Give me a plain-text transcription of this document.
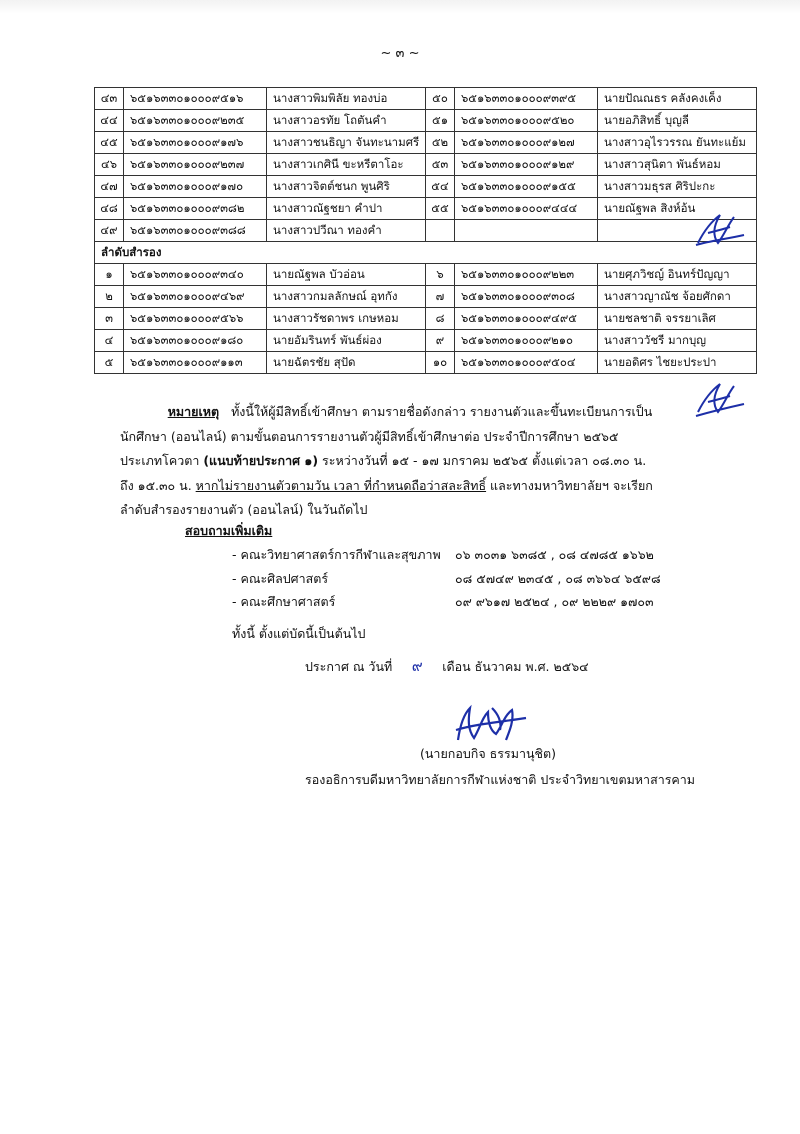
~ ๓ ~
๔๓	๖๕๑๖๓๓๐๑๐๐๐๙๕๑๖	นางสาวพิมพิลัย ทองบ่อ	๕๐	๖๕๑๖๓๓๐๑๐๐๐๙๓๙๕	นายปัณณธร คลังคงเค็ง
๔๔	๖๕๑๖๓๓๐๑๐๐๐๙๒๓๕	นางสาวอรทัย โถตันคำ	๕๑	๖๕๑๖๓๓๐๑๐๐๐๙๕๒๐	นายอภิสิทธิ์ บุญลี
๔๕	๖๕๑๖๓๓๐๑๐๐๐๙๑๗๖	นางสาวชนธิญา จันทะนามศรี	๕๒	๖๕๑๖๓๓๐๑๐๐๐๙๑๒๗	นางสาวอุไรวรรณ ยันทะแย้ม
๔๖	๖๕๑๖๓๓๐๑๐๐๐๙๒๓๗	นางสาวเกศินี ขะหรีตาโอะ	๕๓	๖๕๑๖๓๓๐๑๐๐๐๙๑๒๙	นางสาวสุนิตา พันธ์หอม
๔๗	๖๕๑๖๓๓๐๑๐๐๐๙๑๗๐	นางสาวจิตต์ชนก พูนศิริ	๕๔	๖๕๑๖๓๓๐๑๐๐๐๙๑๕๕	นางสาวมธุรส ศิริปะกะ
๔๘	๖๕๑๖๓๓๐๑๐๐๐๙๓๘๒	นางสาวณัฐชยา คำปา	๕๕	๖๕๑๖๓๓๐๑๐๐๐๙๔๔๔	นายณัฐพล สิงห์อ้น
๔๙	๖๕๑๖๓๓๐๑๐๐๐๙๓๘๘	นางสาวปวีณา ทองคำ			
ลำดับสำรอง					
๑	๖๕๑๖๓๓๐๑๐๐๐๙๓๔๐	นายณัฐพล บัวอ่อน	๖	๖๕๑๖๓๓๐๑๐๐๐๙๒๒๓	นายศุภวิชญ์ อินทร์ปัญญา
๒	๖๕๑๖๓๓๐๑๐๐๐๙๔๖๙	นางสาวกมลลักษณ์ อุทกัง	๗	๖๕๑๖๓๓๐๑๐๐๐๙๓๐๘	นางสาวญาณัช จ้อยศักดา
๓	๖๕๑๖๓๓๐๑๐๐๐๙๕๖๖	นางสาวรัชดาพร เกษหอม	๘	๖๕๑๖๓๓๐๑๐๐๐๙๔๙๕	นายชลชาติ จรรยาเลิศ
๔	๖๕๑๖๓๓๐๑๐๐๐๙๑๘๐	นายอัมรินทร์ พันธ์ผ่อง	๙	๖๕๑๖๓๓๐๑๐๐๐๙๒๑๐	นางสาววัชรี มากบุญ
๕	๖๕๑๖๓๓๐๑๐๐๐๙๑๑๓	นายฉัตรชัย สุปัด	๑๐	๖๕๑๖๓๓๐๑๐๐๐๙๕๐๔	นายอดิศร ไชยะประปา

หมายเหตุ ทั้งนี้ให้ผู้มีสิทธิ์เข้าศึกษา ตามรายชื่อดังกล่าว รายงานตัวและขึ้นทะเบียนการเป็น

นักศึกษา (ออนไลน์) ตามขั้นตอนการรายงานตัวผู้มีสิทธิ์เข้าศึกษาต่อ ประจำปีการศึกษา ๒๕๖๕

ประเภทโควตา (แนบท้ายประกาศ ๑) ระหว่างวันที่ ๑๕ - ๑๗ มกราคม ๒๕๖๕ ตั้งแต่เวลา ๐๘.๓๐ น.

ถึง ๑๕.๓๐ น. หากไม่รายงานตัวตามวัน เวลา ที่กำหนดถือว่าสละสิทธิ์ และทางมหาวิทยาลัยฯ จะเรียก

ลำดับสำรองรายงานตัว (ออนไลน์) ในวันถัดไป

สอบถามเพิ่มเติม
- คณะวิทยาศาสตร์การกีฬาและสุขภาพ	๐๖ ๓๐๓๑ ๖๓๘๕ , ๐๘ ๔๗๘๕ ๑๖๖๒
- คณะศิลปศาสตร์	๐๘ ๕๗๔๙ ๒๓๔๕ , ๐๘ ๓๖๖๔ ๖๕๙๘
- คณะศึกษาศาสตร์	๐๙ ๙๖๑๗ ๒๕๒๔ , ๐๙ ๒๒๒๙ ๑๗๐๓
ทั้งนี้ ตั้งแต่บัดนี้เป็นต้นไป
ประกาศ ณ วันที่ ๙ เดือน ธันวาคม พ.ศ. ๒๕๖๔
(นายกอบกิจ ธรรมานุชิต)
รองอธิการบดีมหาวิทยาลัยการกีฬาแห่งชาติ ประจำวิทยาเขตมหาสารคาม
